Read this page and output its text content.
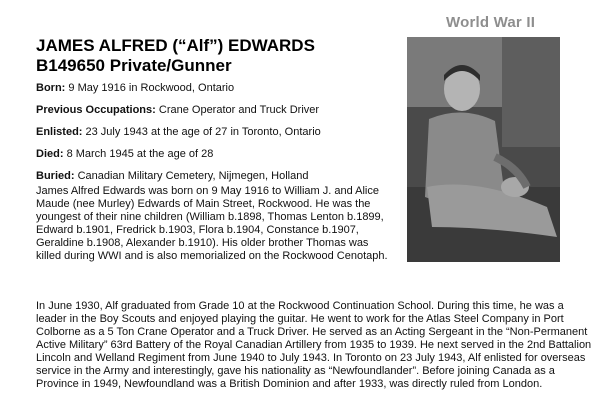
World War II
JAMES ALFRED (“Alf”) EDWARDS
B149650 Private/Gunner
Born: 9 May 1916 in Rockwood, Ontario
Previous Occupations: Crane Operator and Truck Driver
Enlisted: 23 July 1943 at the age of 27 in Toronto, Ontario
Died: 8 March 1945 at the age of 28
Buried: Canadian Military Cemetery, Nijmegen, Holland
James Alfred Edwards was born on 9 May 1916 to William J. and Alice Maude (nee Murley) Edwards of Main Street, Rockwood. He was the youngest of their nine children (William b.1898, Thomas Lenton b.1899, Edward b.1901, Fredrick b.1903, Flora b.1904, Constance b.1907, Geraldine b.1908, Alexander b.1910). His older brother Thomas was killed during WWI and is also memorialized on the Rockwood Cenotaph.
In June 1930, Alf graduated from Grade 10 at the Rockwood Continuation School. During this time, he was a leader in the Boy Scouts and enjoyed playing the guitar. He went to work for the Atlas Steel Company in Port Colborne as a 5 Ton Crane Operator and a Truck Driver. He served as an Acting Sergeant in the “Non-Permanent Active Military” 63rd Battery of the Royal Canadian Artillery from 1935 to 1939. He next served in the 2nd Battalion Lincoln and Welland Regiment from June 1940 to July 1943. In Toronto on 23 July 1943, Alf enlisted for overseas service in the Army and interestingly, gave his nationality as “Newfoundlander”. Before joining Canada as a Province in 1949, Newfoundland was a British Dominion and after 1933, was directly ruled from London.
